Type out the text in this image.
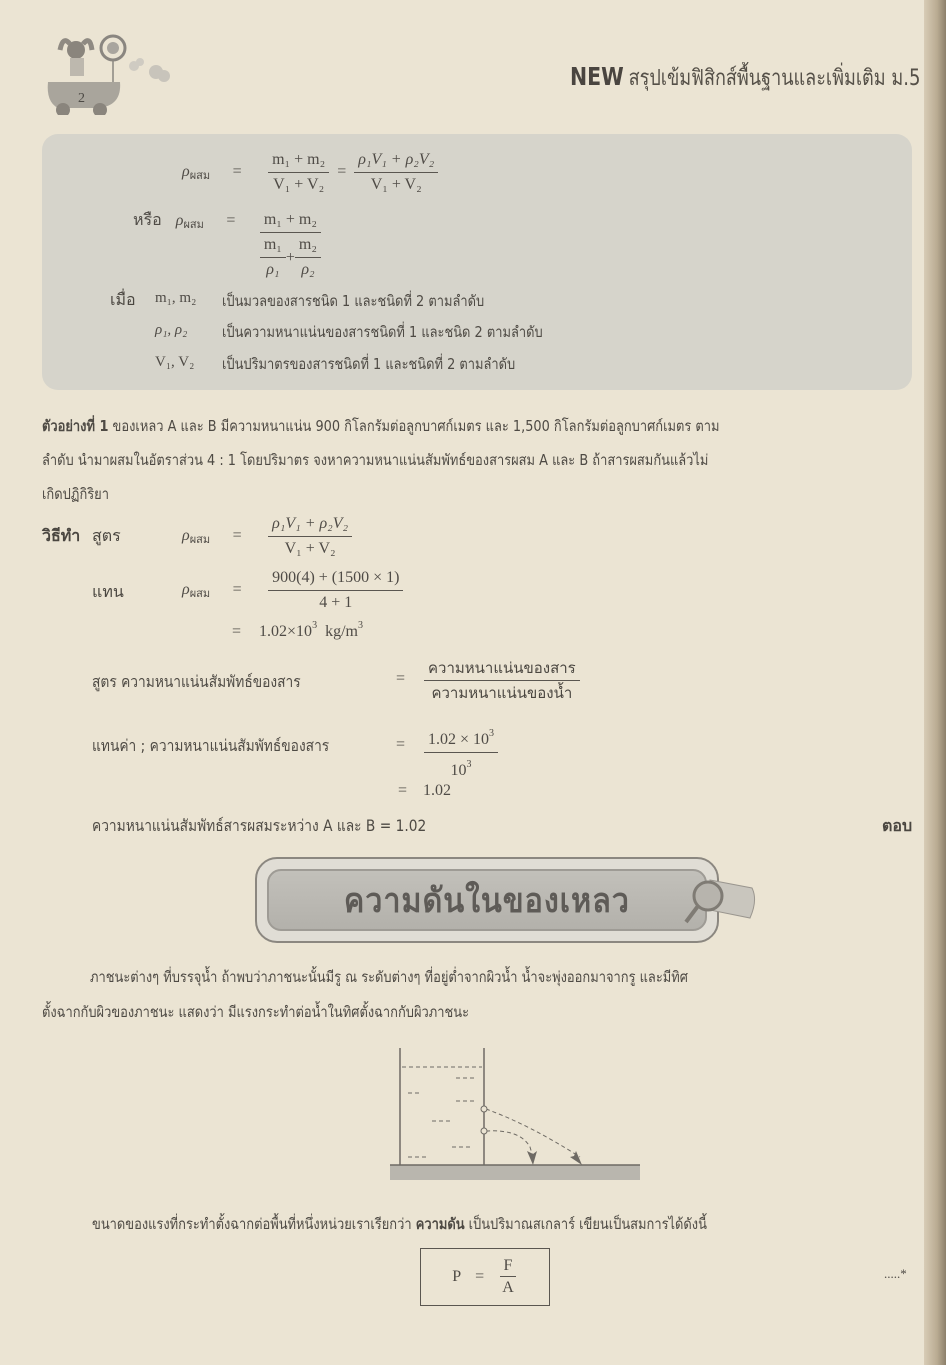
2
NEW สรุปเข้มฟิสิกส์พื้นฐานและเพิ่มเติม ม.5
$\rho_{ผสม} = \frac{\text{m₁ + m₂}}{\text{V₁ + V₂}} = \frac{\text{ρ₁V₁ + ρ₂V₂}}{\text{V₁ + V₂}}$
หรือ $\rho_{ผสม} = \frac{\text{m₁ + m₂}}{\frac{\text{m₁}}{\text{ρ₁}} + \frac{\text{m₂}}{\text{ρ₂}}}$
เมื่อ m₁, m₂ เป็นมวลของสารชนิด 1 และชนิดที่ 2 ตามลำดับ
ρ₁, ρ₂ เป็นความหนาแน่นของสารชนิดที่ 1 และชนิด 2 ตามลำดับ
V₁, V₂ เป็นปริมาตรของสารชนิดที่ 1 และชนิดที่ 2 ตามลำดับ
ตัวอย่างที่ 1 ของเหลว A และ B มีความหนาแน่น 900 กิโลกรัมต่อลูกบาศก์เมตร และ 1,500 กิโลกรัมต่อลูกบาศก์เมตร ตาม
ลำดับ นำมาผสมในอัตราส่วน 4 : 1 โดยปริมาตร จงหาความหนาแน่นสัมพัทธ์ของสารผสม A และ B ถ้าสารผสมกันแล้วไม่
เกิดปฏิกิริยา
วิธีทำ สูตร	$\rho_{ผสม} = \frac{\text{ρ₁V₁ + ρ₂V₂}}{\text{V₁ + V₂}}$
แทน	$\rho_{ผสม} = \frac{900(4) + (1500 \times 1)}{4 + 1}$
= $1.02\times 10^3$ $kg/m^3$
สูตร ความหนาแน่นสัมพัทธ์ของสาร	= $\frac{\text{ความหนาแน่นของสาร}}{\text{ความหนาแน่นของน้ำ}}$
แทนค่า ; ความหนาแน่นสัมพัทธ์ของสาร	= $\frac{1.02 \times 10^3}{10^3}$
= 1.02
ความหนาแน่นสัมพัทธ์สารผสมระหว่าง A และ B = 1.02	ตอบ
ความดันในของเหลว
ภาชนะต่างๆ ที่บรรจุน้ำ ถ้าพบว่าภาชนะนั้นมีรู ณ ระดับต่างๆ ที่อยู่ต่ำจากผิวน้ำ น้ำจะพุ่งออกมาจากรู และมีทิศ
ตั้งฉากกับผิวของภาชนะ แสดงว่า มีแรงกระทำต่อน้ำในทิศตั้งฉากกับผิวภาชนะ
ขนาดของแรงที่กระทำตั้งฉากต่อพื้นที่หนึ่งหน่วยเราเรียกว่า ความดัน เป็นปริมาณสเกลาร์ เขียนเป็นสมการได้ดังนี้
$P = \frac{F}{A}$	.....*
